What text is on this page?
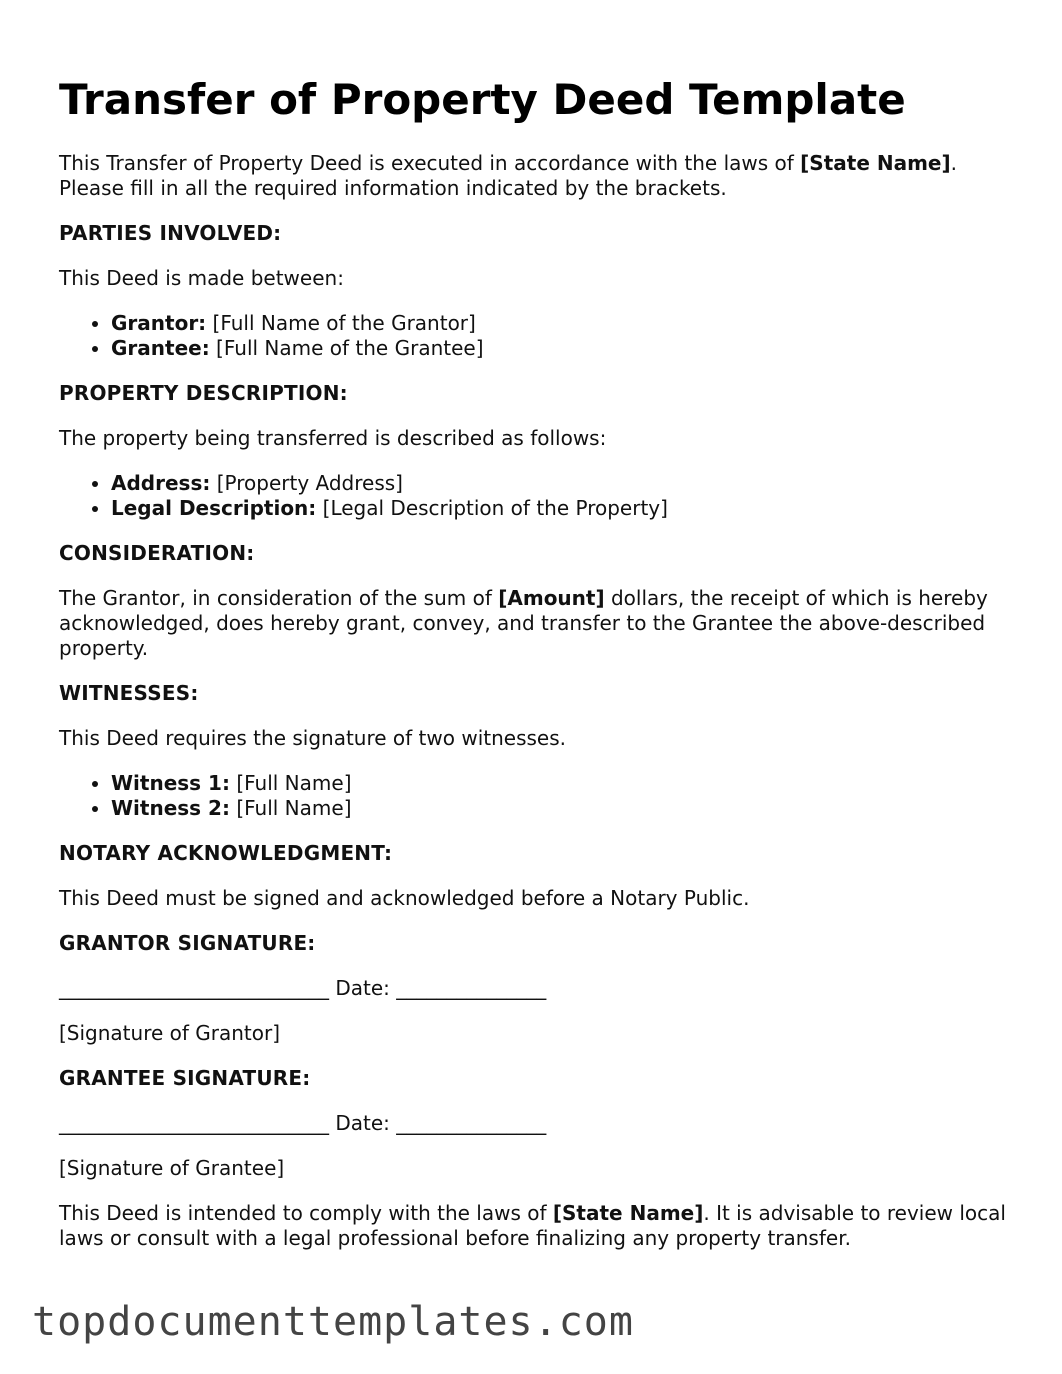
Transfer of Property Deed Template

This Transfer of Property Deed is executed in accordance with the laws of [State Name]. Please fill in all the required information indicated by the brackets.

PARTIES INVOLVED:

This Deed is made between:

• Grantor: [Full Name of the Grantor]
• Grantee: [Full Name of the Grantee]
PROPERTY DESCRIPTION:

The property being transferred is described as follows:

• Address: [Property Address]
• Legal Description: [Legal Description of the Property]
CONSIDERATION:

The Grantor, in consideration of the sum of [Amount] dollars, the receipt of which is hereby acknowledged, does hereby grant, convey, and transfer to the Grantee the above-described property.

WITNESSES:

This Deed requires the signature of two witnesses.

• Witness 1: [Full Name]
• Witness 2: [Full Name]
NOTARY ACKNOWLEDGMENT:

This Deed must be signed and acknowledged before a Notary Public.

GRANTOR SIGNATURE:

___________________________ Date: _______________

[Signature of Grantor]

GRANTEE SIGNATURE:

___________________________ Date: _______________

[Signature of Grantee]

This Deed is intended to comply with the laws of [State Name]. It is advisable to review local laws or consult with a legal professional before finalizing any property transfer.

topdocumenttemplates.com
